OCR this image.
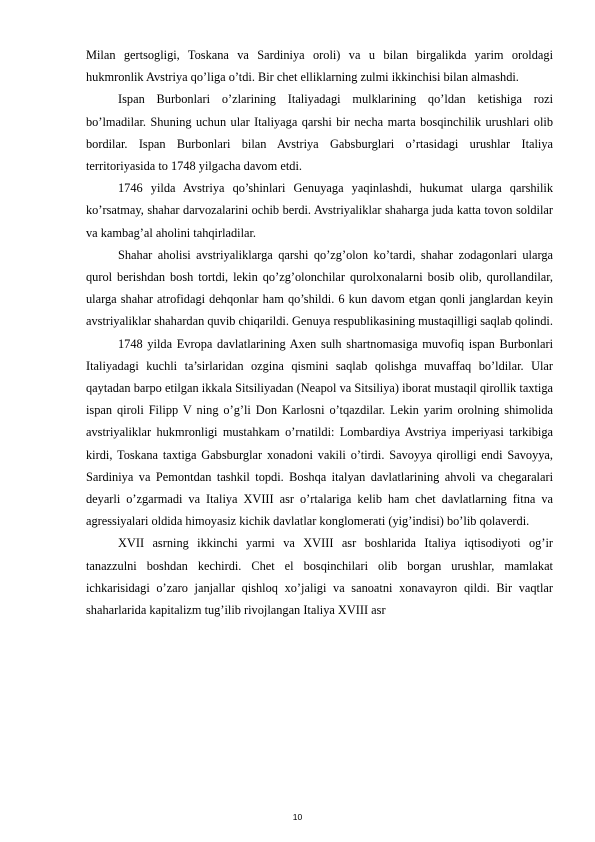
Milan gertsogligi, Toskana va Sardiniya oroli) va u bilan birgalikda yarim oroldagi hukmronlik Avstriya qo’liga o’tdi. Bir chet elliklarning zulmi ikkinchisi bilan almashdi.

Ispan Burbonlari o’zlarining Italiyadagi mulklarining qo’ldan ketishiga rozi bo’lmadilar. Shuning uchun ular Italiyaga qarshi bir necha marta bosqinchilik urushlari olib bordilar. Ispan Burbonlari bilan Avstriya Gabsburglari o’rtasidagi urushlar Italiya territoriyasida to 1748 yilgacha davom etdi.

1746 yilda Avstriya qo’shinlari Genuyaga yaqinlashdi, hukumat ularga qarshilik ko’rsatmay, shahar darvozalarini ochib berdi. Avstriyaliklar shaharga juda katta tovon soldilar va kambag’al aholini tahqirladilar.

Shahar aholisi avstriyaliklarga qarshi qo’zg’olon ko’tardi, shahar zodagonlari ularga qurol berishdan bosh tortdi, lekin qo’zg’olonchilar qurolxonalarni bosib olib, qurollandilar, ularga shahar atrofidagi dehqonlar ham qo’shildi. 6 kun davom etgan qonli janglardan keyin avstriyaliklar shahardan quvib chiqarildi. Genuya respublikasining mustaqilligi saqlab qolindi.

1748 yilda Evropa davlatlarining Axen sulh shartnomasiga muvofiq ispan Burbonlari Italiyadagi kuchli ta’sirlaridan ozgina qismini saqlab qolishga muvaffaq bo’ldilar. Ular qaytadan barpo etilgan ikkala Sitsiliyadan (Neapol va Sitsiliya) iborat mustaqil qirollik taxtiga ispan qiroli Filipp V ning o’g’li Don Karlosni o’tqazdilar. Lekin yarim orolning shimolida avstriyaliklar hukmronligi mustahkam o’rnatildi: Lombardiya Avstriya imperiyasi tarkibiga kirdi, Toskana taxtiga Gabsburglar xonadoni vakili o’tirdi. Savoyya qirolligi endi Savoyya, Sardiniya va Pemontdan tashkil topdi. Boshqa italyan davlatlarining ahvoli va chegaralari deyarli o’zgarmadi va Italiya XVIII asr o’rtalariga kelib ham chet davlatlarning fitna va agressiyalari oldida himoyasiz kichik davlatlar konglomerati (yig’indisi) bo’lib qolaverdi.

XVII asrning ikkinchi yarmi va XVIII asr boshlarida Italiya iqtisodiyoti og’ir tanazzulni boshdan kechirdi. Chet el bosqinchilari olib borgan urushlar, mamlakat ichkarisidagi o’zaro janjallar qishloq xo’jaligi va sanoatni xonavayron qildi. Bir vaqtlar shaharlarida kapitalizm tug’ilib rivojlangan Italiya XVIII asr

10
